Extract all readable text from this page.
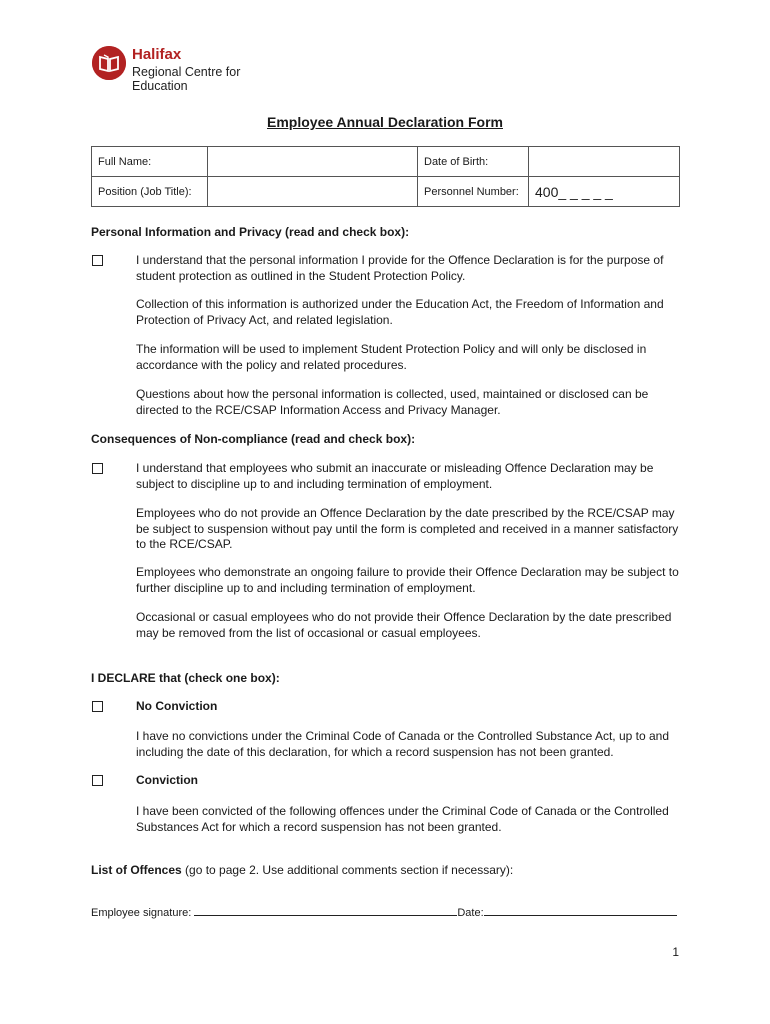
Halifax
Regional Centre for Education
Employee Annual Declaration Form
Full Name:		Date of Birth:	
Position (Job Title):		Personnel Number:	400_ _ _ _ _
Personal Information and Privacy (read and check box):
I understand that the personal information I provide for the Offence Declaration is for the purpose of student protection as outlined in the Student Protection Policy.
Collection of this information is authorized under the Education Act, the Freedom of Information and Protection of Privacy Act, and related legislation.
The information will be used to implement Student Protection Policy and will only be disclosed in accordance with the policy and related procedures.
Questions about how the personal information is collected, used, maintained or disclosed can be directed to the RCE/CSAP Information Access and Privacy Manager.
Consequences of Non-compliance (read and check box):
I understand that employees who submit an inaccurate or misleading Offence Declaration may be subject to discipline up to and including termination of employment.
Employees who do not provide an Offence Declaration by the date prescribed by the RCE/CSAP may be subject to suspension without pay until the form is completed and received in a manner satisfactory to the RCE/CSAP.
Employees who demonstrate an ongoing failure to provide their Offence Declaration may be subject to further discipline up to and including termination of employment.
Occasional or casual employees who do not provide their Offence Declaration by the date prescribed may be removed from the list of occasional or casual employees.
I DECLARE that (check one box):
No Conviction
I have no convictions under the Criminal Code of Canada or the Controlled Substance Act, up to and including the date of this declaration, for which a record suspension has not been granted.
Conviction
I have been convicted of the following offences under the Criminal Code of Canada or the Controlled Substances Act for which a record suspension has not been granted.
List of Offences (go to page 2. Use additional comments section if necessary):
Employee signature:	Date:
1
